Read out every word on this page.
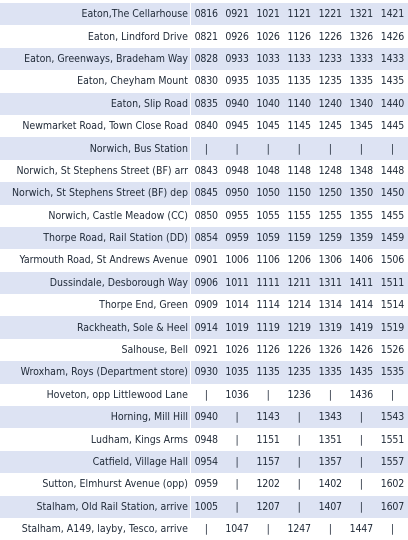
Eaton,The Cellarhouse	0816	0921	1021	1121	1221	1321	1421
Eaton, Lindford Drive	0821	0926	1026	1126	1226	1326	1426
Eaton, Greenways, Bradeham Way	0828	0933	1033	1133	1233	1333	1433
Eaton, Cheyham Mount	0830	0935	1035	1135	1235	1335	1435
Eaton, Slip Road	0835	0940	1040	1140	1240	1340	1440
Newmarket Road, Town Close Road	0840	0945	1045	1145	1245	1345	1445
Norwich, Bus Station	|	|	|	|	|	|	|
Norwich, St Stephens Street (BF) arr	0843	0948	1048	1148	1248	1348	1448
Norwich, St Stephens Street (BF) dep	0845	0950	1050	1150	1250	1350	1450
Norwich, Castle Meadow (CC)	0850	0955	1055	1155	1255	1355	1455
Thorpe Road, Rail Station (DD)	0854	0959	1059	1159	1259	1359	1459
Yarmouth Road, St Andrews Avenue	0901	1006	1106	1206	1306	1406	1506
Dussindale, Desborough Way	0906	1011	1111	1211	1311	1411	1511
Thorpe End, Green	0909	1014	1114	1214	1314	1414	1514
Rackheath, Sole & Heel	0914	1019	1119	1219	1319	1419	1519
Salhouse, Bell	0921	1026	1126	1226	1326	1426	1526
Wroxham, Roys (Department store)	0930	1035	1135	1235	1335	1435	1535
Hoveton, opp Littlewood Lane	|	1036	|	1236	|	1436	|
Horning, Mill Hill	0940	|	1143	|	1343	|	1543
Ludham, Kings Arms	0948	|	1151	|	1351	|	1551
Catfield, Village Hall	0954	|	1157	|	1357	|	1557
Sutton, Elmhurst Avenue (opp)	0959	|	1202	|	1402	|	1602
Stalham, Old Rail Station, arrive	1005	|	1207	|	1407	|	1607
Stalham, A149, layby, Tesco, arrive	|	1047	|	1247	|	1447	|
